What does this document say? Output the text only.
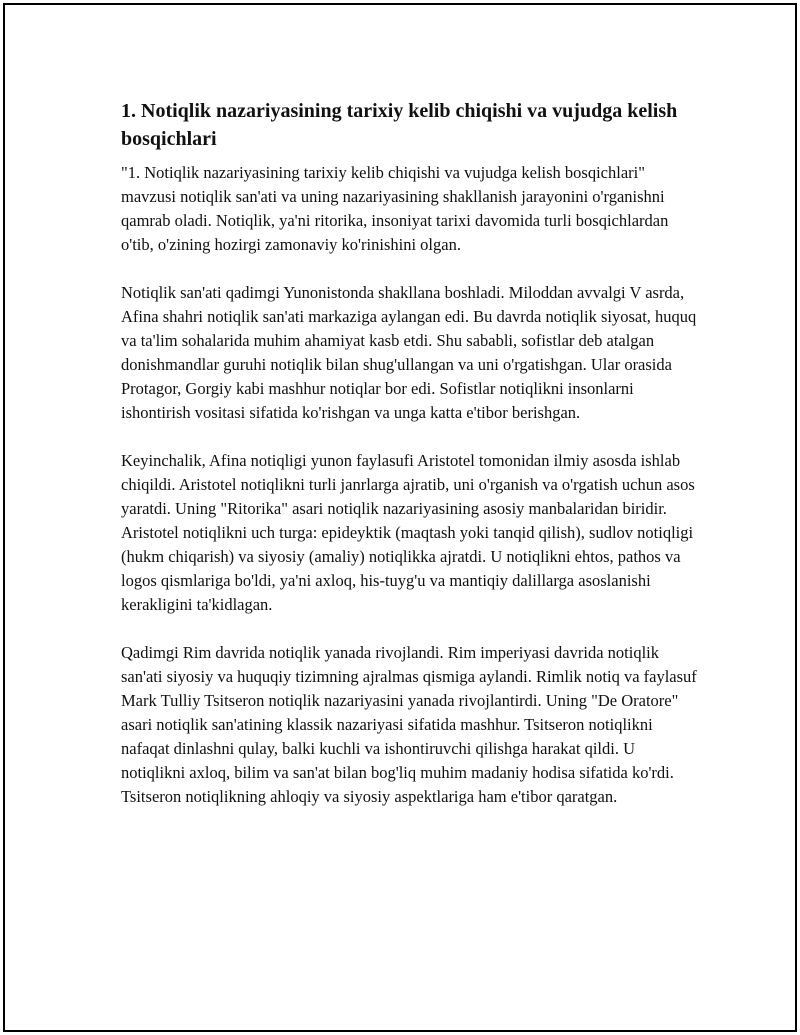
1. Notiqlik nazariyasining tarixiy kelib chiqishi va vujudga kelish bosqichlari

"1. Notiqlik nazariyasining tarixiy kelib chiqishi va vujudga kelish bosqichlari" mavzusi notiqlik san'ati va uning nazariyasining shakllanish jarayonini o'rganishni qamrab oladi. Notiqlik, ya'ni ritorika, insoniyat tarixi davomida turli bosqichlardan o'tib, o'zining hozirgi zamonaviy ko'rinishini olgan.

Notiqlik san'ati qadimgi Yunonistonda shakllana boshladi. Miloddan avvalgi V asrda, Afina shahri notiqlik san'ati markaziga aylangan edi. Bu davrda notiqlik siyosat, huquq va ta'lim sohalarida muhim ahamiyat kasb etdi. Shu sababli, sofistlar deb atalgan donishmandlar guruhi notiqlik bilan shug'ullangan va uni o'rgatishgan. Ular orasida Protagor, Gorgiy kabi mashhur notiqlar bor edi. Sofistlar notiqlikni insonlarni ishontirish vositasi sifatida ko'rishgan va unga katta e'tibor berishgan.

Keyinchalik, Afina notiqligi yunon faylasufi Aristotel tomonidan ilmiy asosda ishlab chiqildi. Aristotel notiqlikni turli janrlarga ajratib, uni o'rganish va o'rgatish uchun asos yaratdi. Uning "Ritorika" asari notiqlik nazariyasining asosiy manbalaridan biridir. Aristotel notiqlikni uch turga: epideyktik (maqtash yoki tanqid qilish), sudlov notiqligi (hukm chiqarish) va siyosiy (amaliy) notiqlikka ajratdi. U notiqlikni ehtos, pathos va logos qismlariga bo'ldi, ya'ni axloq, his-tuyg'u va mantiqiy dalillarga asoslanishi kerakligini ta'kidlagan.

Qadimgi Rim davrida notiqlik yanada rivojlandi. Rim imperiyasi davrida notiqlik san'ati siyosiy va huquqiy tizimning ajralmas qismiga aylandi. Rimlik notiq va faylasuf Mark Tulliy Tsitseron notiqlik nazariyasini yanada rivojlantirdi. Uning "De Oratore" asari notiqlik san'atining klassik nazariyasi sifatida mashhur. Tsitseron notiqlikni nafaqat dinlashni qulay, balki kuchli va ishontiruvchi qilishga harakat qildi. U notiqlikni axloq, bilim va san'at bilan bog'liq muhim madaniy hodisa sifatida ko'rdi. Tsitseron notiqlikning ahloqiy va siyosiy aspektlariga ham e'tibor qaratgan.
